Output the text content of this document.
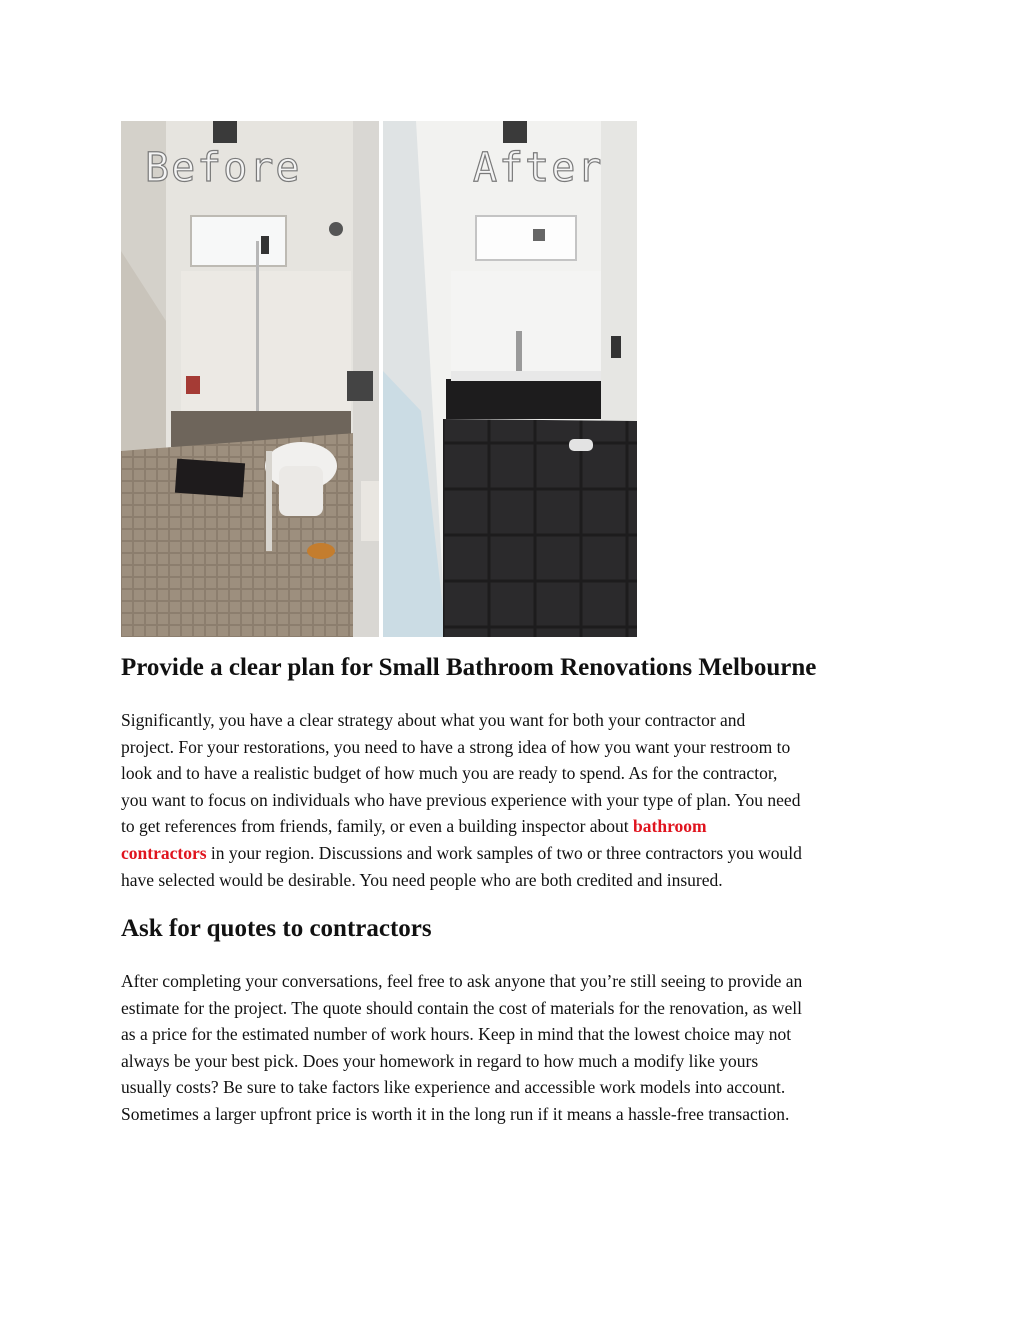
Before	After
Provide a clear plan for Small Bathroom Renovations Melbourne
Significantly, you have a clear strategy about what you want for both your contractor and
project. For your restorations, you need to have a strong idea of how you want your restroom to
look and to have a realistic budget of how much you are ready to spend. As for the contractor,
you want to focus on individuals who have previous experience with your type of plan. You need
to get references from friends, family, or even a building inspector about bathroom
contractors in your region. Discussions and work samples of two or three contractors you would
have selected would be desirable. You need people who are both credited and insured.
Ask for quotes to contractors
After completing your conversations, feel free to ask anyone that you’re still seeing to provide an
estimate for the project. The quote should contain the cost of materials for the renovation, as well
as a price for the estimated number of work hours. Keep in mind that the lowest choice may not
always be your best pick. Does your homework in regard to how much a modify like yours
usually costs? Be sure to take factors like experience and accessible work models into account.
Sometimes a larger upfront price is worth it in the long run if it means a hassle-free transaction.
